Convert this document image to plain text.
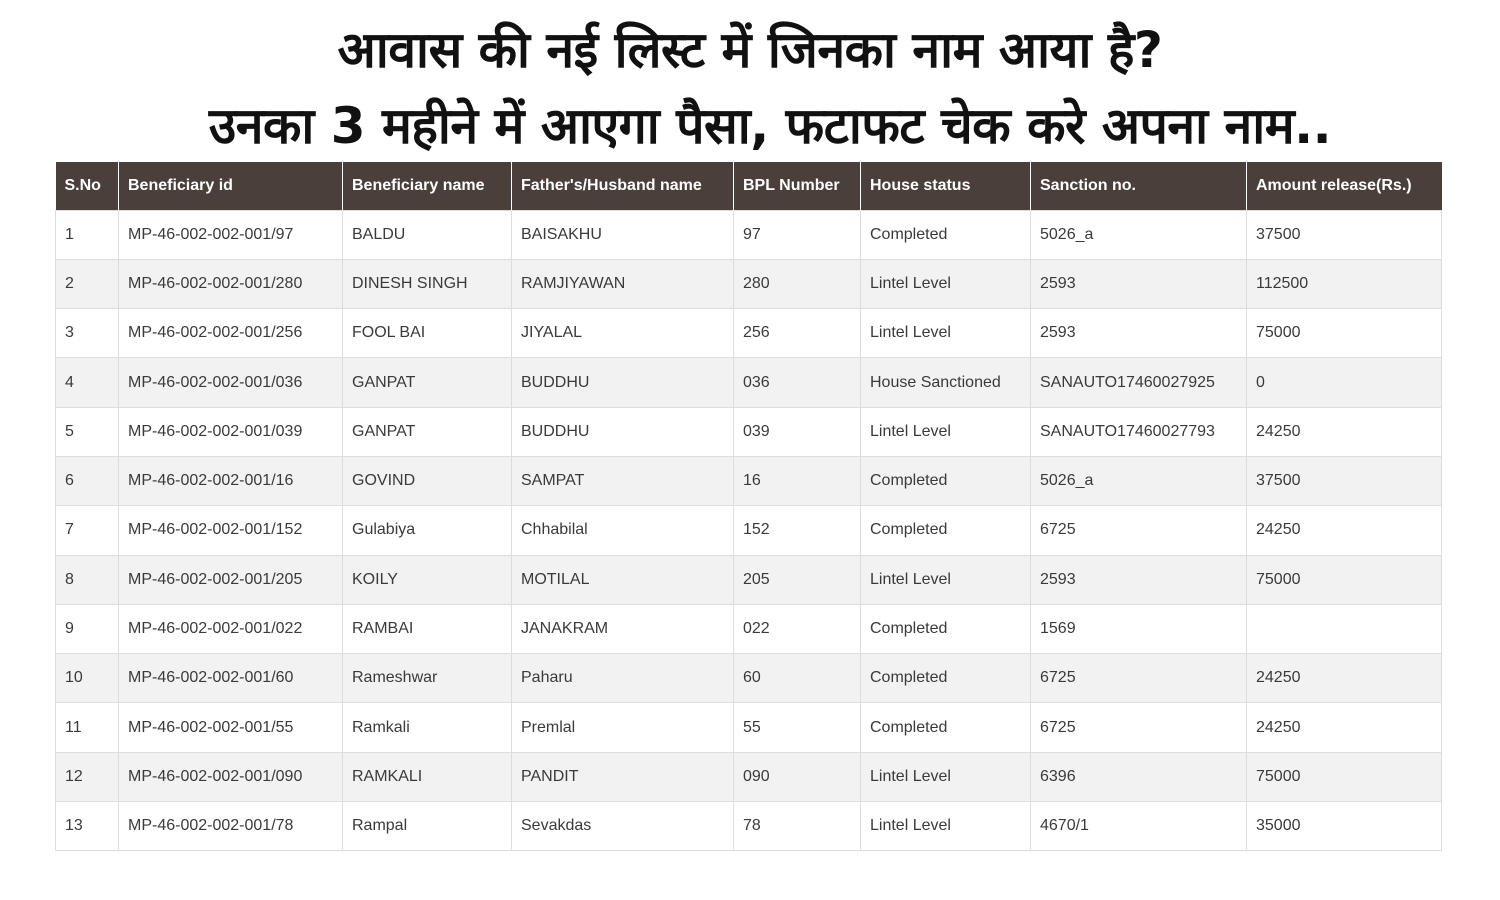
आवास की नई लिस्ट में जिनका नाम आया है?
उनका 3 महीने में आएगा पैसा, फटाफट चेक करे अपना नाम..
S.No	Beneficiary id	Beneficiary name	Father's/Husband name	BPL Number	House status	Sanction no.	Amount release(Rs.)
1	MP-46-002-002-001/97	BALDU	BAISAKHU	97	Completed	5026_a	37500
2	MP-46-002-002-001/280	DINESH SINGH	RAMJIYAWAN	280	Lintel Level	2593	112500
3	MP-46-002-002-001/256	FOOL BAI	JIYALAL	256	Lintel Level	2593	75000
4	MP-46-002-002-001/036	GANPAT	BUDDHU	036	House Sanctioned	SANAUTO17460027925	0
5	MP-46-002-002-001/039	GANPAT	BUDDHU	039	Lintel Level	SANAUTO17460027793	24250
6	MP-46-002-002-001/16	GOVIND	SAMPAT	16	Completed	5026_a	37500
7	MP-46-002-002-001/152	Gulabiya	Chhabilal	152	Completed	6725	24250
8	MP-46-002-002-001/205	KOILY	MOTILAL	205	Lintel Level	2593	75000
9	MP-46-002-002-001/022	RAMBAI	JANAKRAM	022	Completed	1569	
10	MP-46-002-002-001/60	Rameshwar	Paharu	60	Completed	6725	24250
11	MP-46-002-002-001/55	Ramkali	Premlal	55	Completed	6725	24250
12	MP-46-002-002-001/090	RAMKALI	PANDIT	090	Lintel Level	6396	75000
13	MP-46-002-002-001/78	Rampal	Sevakdas	78	Lintel Level	4670/1	35000
